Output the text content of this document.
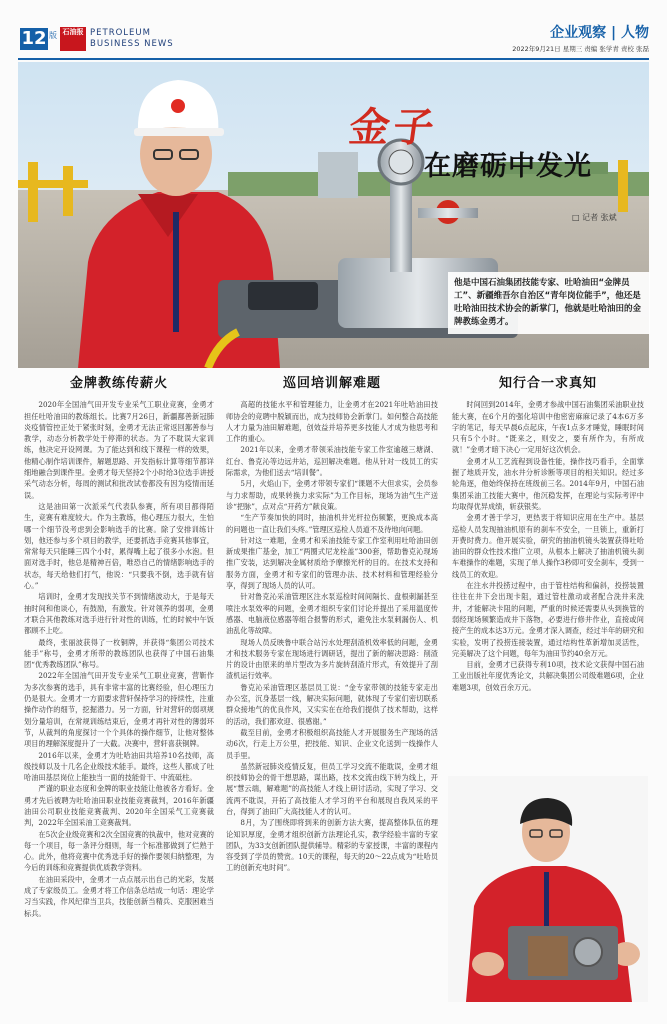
12 版 石油报 PETROLEUM
BUSINESS NEWS
企业观察 | 人物
2022年9月21日 星期三 责编 张学青 责校 张磊
金子
在磨砺中发光
□ 记者 张斌
他是中国石油集团技能专家、吐哈油田“金牌员工”、新疆维吾尔自治区“青年岗位能手”，他还是吐哈油田技术协会的新掌门，他就是吐哈油田的金牌教练金勇才。
金牌教练传薪火

2020年全国油气田开发专业采气工职业竞赛，金勇才担任吐哈油田的教练组长。比赛7月26日，新疆鄯善新冠肺炎疫情管控正处于紧张时刻，金勇才无法正常返回鄯善参与教学，动态分析教学处于停滞的状态。为了不耽误大家训练，他决定开设网课。为了能达到和线下课程一样的效果，他精心制作培训课件，解题思路、开发指标计算等细节都详细地融合到课件里。金勇才每天坚持2个小时给3位选手讲授采气动态分析，每周的测试和批改试卷都没有因为疫情而延误。

这是油田第一次派采气代表队参赛，所有项目都得陌生，竞赛有难度较大。作为主教练，他心理压力很大，生怕哪一个细节没考虑到会影响选手的比赛。除了安排训练计划，他还参与多个项目的教学，还要抓选手竞赛其他事宜，常常每天只能睡三四个小时，累得嘴上起了很多小水泡。但面对选手时，他总是精神百倍，唯恐自己的情绪影响选手的状态，每天给他们打气，他说：“只要我不倒，选手就有信心。”

培训时，金勇才发现找关节不到情绪波动大，于是每天抽时间和他谈心，有鼓励，有激发。针对领养的弱项，金勇才联合其他教练对选手进行针对性的训练，忙的时候中午饭都顾不上吃。

最终，张丽波获得了一枚铜牌，并获得“集团公司技术能手”称号，金勇才所带的教练团队也获得了中国石油集团“优秀教练团队”称号。

2022年全国油气田开发专业采气工职业竞赛，营靳作为多次参赛的选手，具有非常丰富的比赛经验，但心理压力仍是很大。金勇才一方面要求营轩保持学习的持续性，注重操作动作的细节，挖掘潜力。另一方面，针对营轩的弱项规划分量培训，在常规训练结束后，金勇才再针对性的薄弱环节，从裁判的角度探讨一个个具体的操作细节，让他对整体项目的理解深度提升了一大截。决赛中，营轩喜获铜牌。

2016年以来，金勇才为吐哈油田共培养10名技师，高级技师以及十几名企业级技术能手。最终，这些人都成了吐哈油田基层岗位上能独当一面的技能骨干、中流砥柱。

严谨的职业态度和金牌的职业技能让他被各方看好。金勇才先后被聘为吐哈油田职业技能竞赛裁判，2016年新疆油田公司职业技能竞赛裁判、2020年全国采气工竞赛裁判，2022年全国采油工竞赛裁判。

在5次企业级竞赛和2次全国竞赛的执裁中，他对竞赛的每一个项目，每一条评分细则，每一个标准都做到了烂熟于心。此外，他将竞赛中优秀选手好的操作要领归纳整理，为今后的训练和竞赛提供优质教学资料。

在油田采段中，金勇才一点点展示出自己的光彩，发展成了专家级员工。金勇才将工作信条总结成一句话：理论学习当实践，作风纪律当卫兵，技能创新当精兵、克服困难当标兵。

巡回培训解难题

高超的技能水平和管理能力，让金勇才在2021年吐哈油田技师协会的竞聘中脱颖而出，成为技师协会新掌门。如何整合高技能人才力量为油田解难题，创效益并培养更多技能人才成为他思考和工作的重心。

2021年以来，金勇才带领采油技能专家工作室逾越三塘湖、红台、鲁克沁等边远井站，巡回解决难题。他从针对一线员工的实际需求，为他们送去“培训餐”。

5月，火焰山下，金勇才带领专家们“课题不大但求实，会员参与力求帮助，成果转换力求实际”为工作目标，现场为油气生产送诊“把脉”，点对点“开药方”献良策。

“生产节奏加快的同时，抽油机井光杆拉伤频繁，更换成本高的问题也一直让我们头疼。”管理区巡检人员道不及待地向问题。

针对这一难题，金勇才和采油技能专家工作室利用吐哈油田创新成果推广基金，加工“两圈式尼龙栓盖”300套，帮助鲁克沁现场推广安装，达到解决金属材质给予摩擦光杆的目的。在技术支持和服务方面，金勇才和专家们的管理办法、技术材料和管理经验分享，得到了现场人员的认可。

针对鲁克沁采油管理区注水泵巡检时间间隔长、盘根刺漏甚至喷注水泵效率的问题，金勇才组织专家们讨论并提出了采用温度传感器、电脑液位感器等组合报警的形式，避免注水泵刺漏伤人、机油乱化等故障。

现场人员反映鲁中联合站污水处理刮渣机效率低的问题，金勇才和技术服务专家在现场进行调研话，提出了新的解决思路：削渣片的设计由原来的单片型改为多片旋转刮渣片形式，有效提升了刮渣机运行效率。

鲁克沁采油管理区基层员工说：“金专家带领的技能专家走出办公室，沉身基层一线，解决实际问题，就体现了专家们密切联系群众接地气的优良作风，又实实在在给我们提供了技术帮助，这样的活动，我们都欢迎、很感谢。”

截至目前，金勇才积极组织高技能人才开展服务生产现场的活动6次，行走上万公里，把技能、知识、企业文化送到一线操作人员手里。

虽然新冠肺炎疫情反复，但员工学习交流不能耽误，金勇才组织技师协会的骨干想思路，谋出路，技术交流由线下转为线上，开展“慧云端，解难题”的高技能人才线上研讨活动，实现了学习、交流两不耽误，开拓了高技能人才学习的平台和展现自我风采的平台，得到了油田广大高技能人才的认可。

8月，为了围绕即将到来的创新方法大赛，提高整体队伍的理论知识厚度，金勇才组织创新方法理论孔实，教学经验丰富的专家团队，为33支创新团队提供辅导。精彩的专家授课，丰富的课程内容受到了学员的赞赏。10天的课程，每天的20～22点成为“吐哈员工的创新充电时间”。

知行合一求真知

时间回到2014年，金勇才参战中国石油集团采油职业技能大赛，在6个月的强化培训中他密密麻麻记录了4本6万多字的笔记，每天早晨6点起床，午夜1点多才睡觉，睡眠时间只有5个小时。“既来之，则安之，要有所作为，有所成就！”金勇才暗下决心一定用好这次机会。

金勇才从工艺流程到设备性能，操作技巧看手，全面掌握了地质开发，油水井分析诊断等项目的相关知识。经过多轮角逐，他始终保持在班级前三名。2014年9月，中国石油集团采油工技能大赛中，他沉稳发挥，在理论与实际考评中均取得优异成绩，斩获银奖。

金勇才善于学习，更热衷于将知识应用在生产中。基层巡检人员发现抽油机原有的刹车不安全，一旦锁上，重新打开费时费力。他开展实验，研究的抽油机镜头装置获得吐哈油田的群众性技术推广立项，从根本上解决了抽油机镜头刹车难操作的难题，实现了单人操作3秒即可安全刹车，受到一线员工的欢迎。

在注水井投捞过程中，由于管柱结构和偏斜，投捞装置往往在井下会出现卡阻，通过管柱激动或者配合洗井来洗井，才能解决卡阻的问题，严重的时候还需要从头到换管的弱经现场频繁造成井下落物，必要进行修井作业，直接或间接产生的成本达3万元。金勇才深入调查，经过半年的研究和实验，发明了投捞连接装置，通过结构性革新增加灵活性，完美解决了这个问题，每年为油田节约40余万元。

目前，金勇才已获得专利10项，技术论文获得中国石油工业出版社年度优秀论文，共解决集团公司级难题6项，企业难题3项，创效百余万元。
